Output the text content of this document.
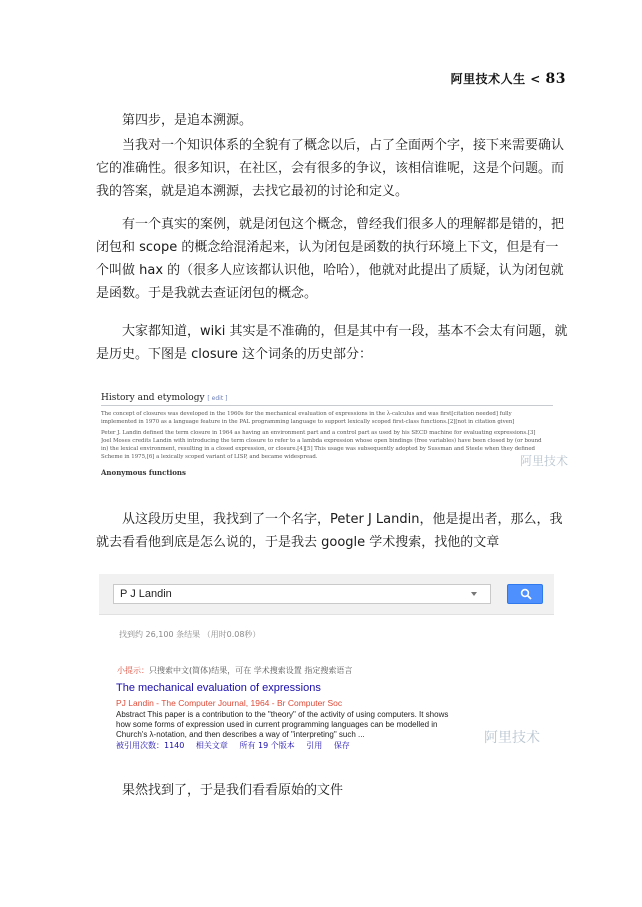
阿里技术人生 < 83

第四步，是追本溯源。

当我对一个知识体系的全貌有了概念以后，占了全面两个字，接下来需要确认它的准确性。很多知识，在社区，会有很多的争议，该相信谁呢，这是个问题。而我的答案，就是追本溯源，去找它最初的讨论和定义。

有一个真实的案例，就是闭包这个概念，曾经我们很多人的理解都是错的，把闭包和 scope 的概念给混淆起来，认为闭包是函数的执行环境上下文，但是有一个叫做 hax 的（很多人应该都认识他，哈哈），他就对此提出了质疑，认为闭包就是函数。于是我就去查证闭包的概念。

大家都知道，wiki 其实是不准确的，但是其中有一段，基本不会太有问题，就是历史。下图是 closure 这个词条的历史部分：

History and etymology [ edit ]
The concept of closures was developed in the 1960s for the mechanical evaluation of expressions in the λ-calculus and was first[citation needed] fully
implemented in 1970 as a language feature in the PAL programming language to support lexically scoped first-class functions.[2][not in citation given]
Peter J. Landin defined the term closure in 1964 as having an environment part and a control part as used by his SECD machine for evaluating expressions.[3]
Joel Moses credits Landin with introducing the term closure to refer to a lambda expression whose open bindings (free variables) have been closed by (or bound
in) the lexical environment, resulting in a closed expression, or closure.[4][5] This usage was subsequently adopted by Sussman and Steele when they defined
Scheme in 1975,[6] a lexically scoped variant of LISP, and became widespread.
Anonymous functions
阿里技术

从这段历史里，我找到了一个名字，Peter J Landin，他是提出者，那么，我就去看看他到底是怎么说的，于是我去 google 学术搜索，找他的文章

P J Landin
找到约 26,100 条结果 （用时0.08秒）
小提示：只搜索中文(简体)结果，可在 学术搜索设置 指定搜索语言
The mechanical evaluation of expressions
PJ Landin - The Computer Journal, 1964 - Br Computer Soc
Abstract This paper is a contribution to the "theory" of the activity of using computers. It shows how some forms of expression used in current programming languages can be modelled in Church's λ-notation, and then describes a way of "interpreting" such ...
被引用次数：1140 相关文章 所有 19 个版本 引用 保存	阿里技术

果然找到了，于是我们看看原始的文件
